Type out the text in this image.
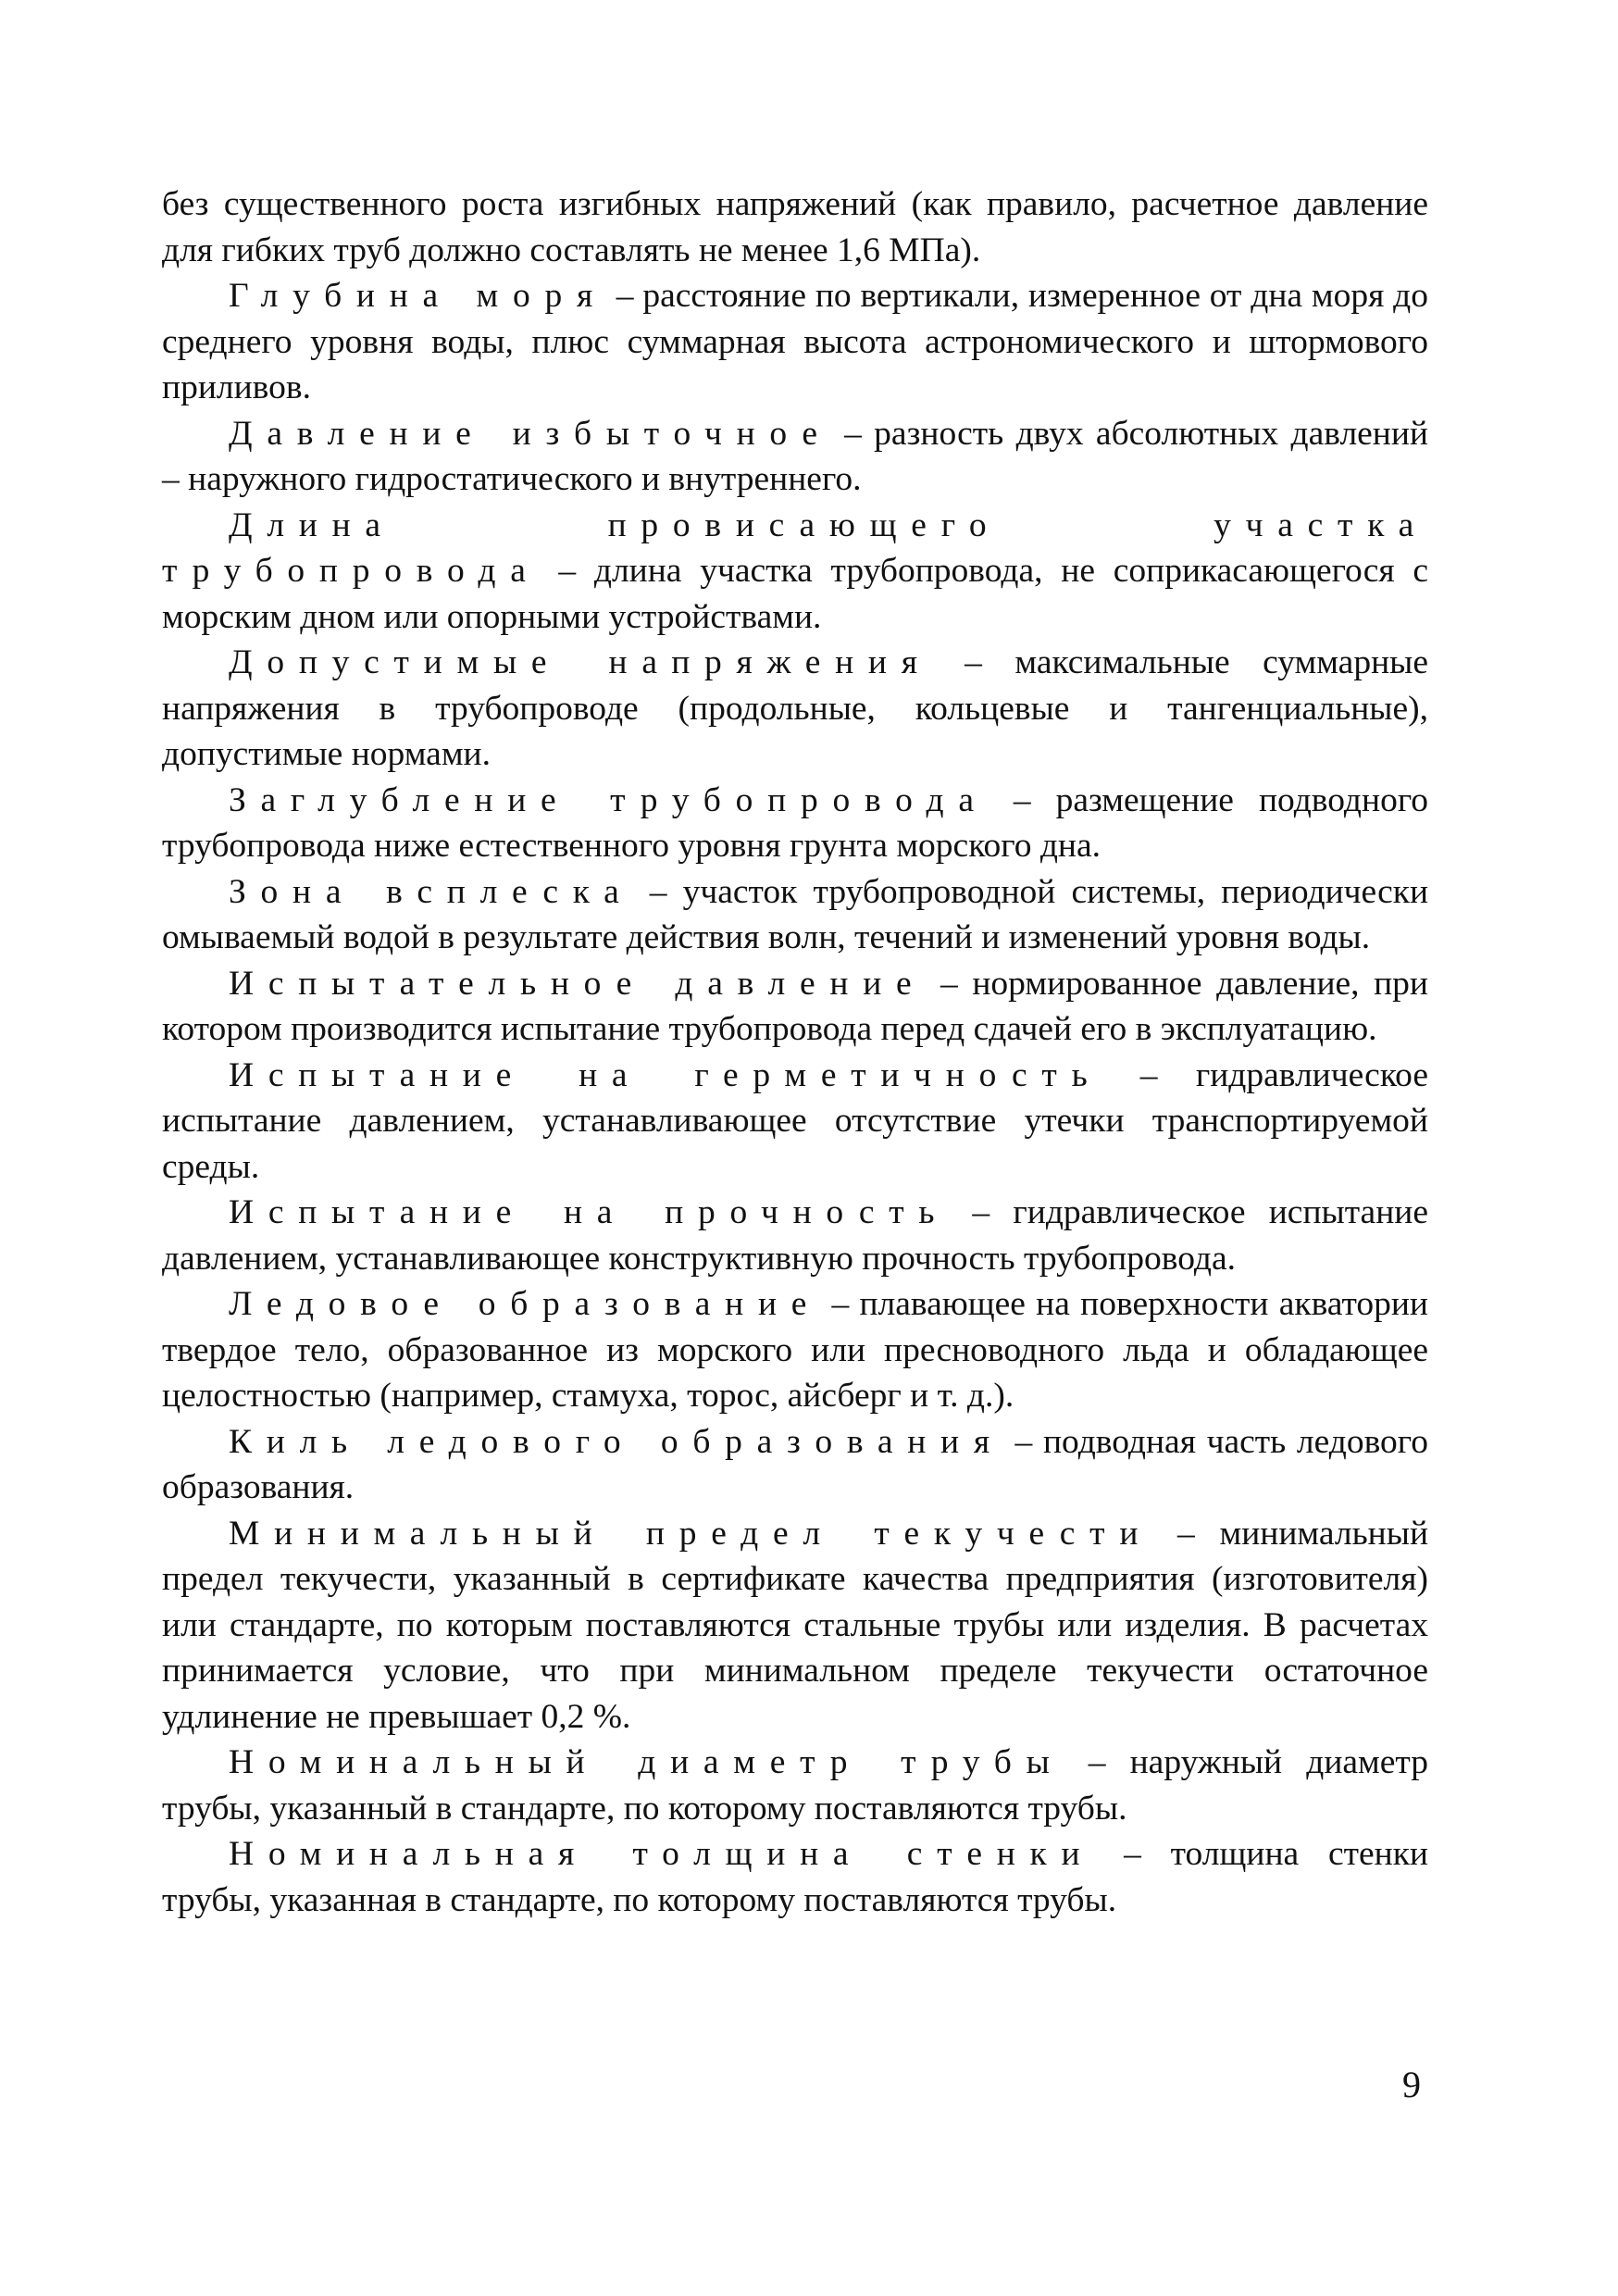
без существенного роста изгибных напряжений (как правило, расчетное давление для гибких труб должно составлять не менее 1,6 МПа).

Глубина моря – расстояние по вертикали, измеренное от дна моря до среднего уровня воды, плюс суммарная высота астрономического и штормового приливов.

Давление избыточное – разность двух абсолютных давлений – наружного гидростатического и внутреннего.

Длина провисающего участка трубопровода – длина участка трубопровода, не соприкасающегося с морским дном или опорными устройствами.

Допустимые напряжения – максимальные суммарные напряжения в трубопроводе (продольные, кольцевые и тангенциальные), допустимые нормами.

Заглубление трубопровода – размещение подводного трубопровода ниже естественного уровня грунта морского дна.

Зона всплеска – участок трубопроводной системы, периодически омываемый водой в результате действия волн, течений и изменений уровня воды.

Испытательное давление – нормированное давление, при котором производится испытание трубопровода перед сдачей его в эксплуатацию.

Испытание на герметичность – гидравлическое испытание давлением, устанавливающее отсутствие утечки транспортируемой среды.

Испытание на прочность – гидравлическое испытание давлением, устанавливающее конструктивную прочность трубопровода.

Ледовое образование – плавающее на поверхности акватории твердое тело, образованное из морского или пресноводного льда и обладающее целостностью (например, стамуха, торос, айсберг и т. д.).

Киль ледового образования – подводная часть ледового образования.

Минимальный предел текучести – минимальный предел текучести, указанный в сертификате качества предприятия (изготовителя) или стандарте, по которым поставляются стальные трубы или изделия. В расчетах принимается условие, что при минимальном пределе текучести остаточное удлинение не превышает 0,2 %.

Номинальный диаметр трубы – наружный диаметр трубы, указанный в стандарте, по которому поставляются трубы.

Номинальная толщина стенки – толщина стенки трубы, указанная в стандарте, по которому поставляются трубы.

9
